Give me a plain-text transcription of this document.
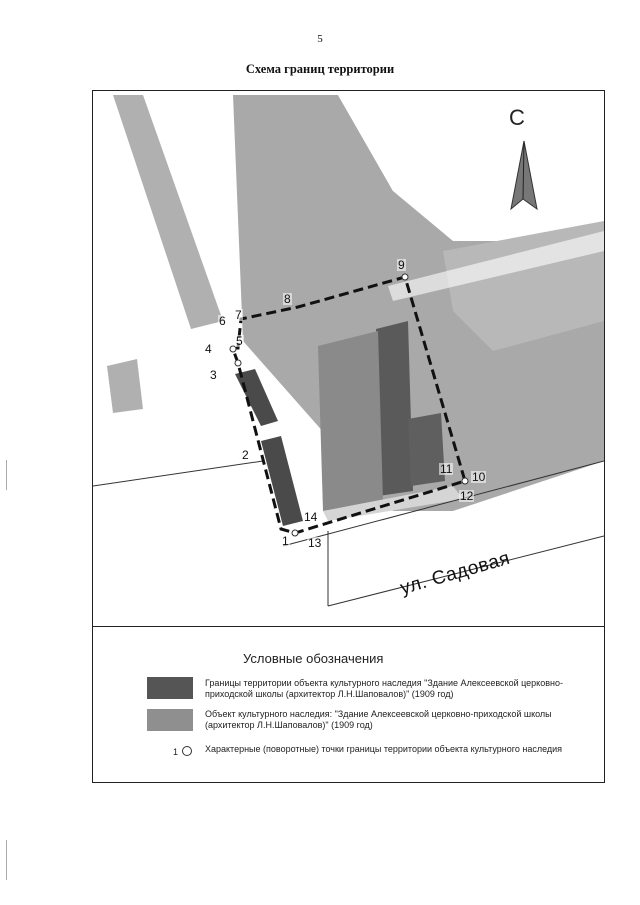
5
Схема границ территории
С
1
2
3
4
5
6 7
8
9
10
11
12
13
14
ул. Садовая
Условные обозначения
Границы территории объекта культурного наследия "Здание Алексеевской церковно-приходской школы (архитектор Л.Н.Шаповалов)" (1909 год)
Объект культурного наследия: "Здание Алексеевской церковно-приходской школы (архитектор Л.Н.Шаповалов)" (1909 год)
1	Характерные (поворотные) точки границы территории объекта культурного наследия
